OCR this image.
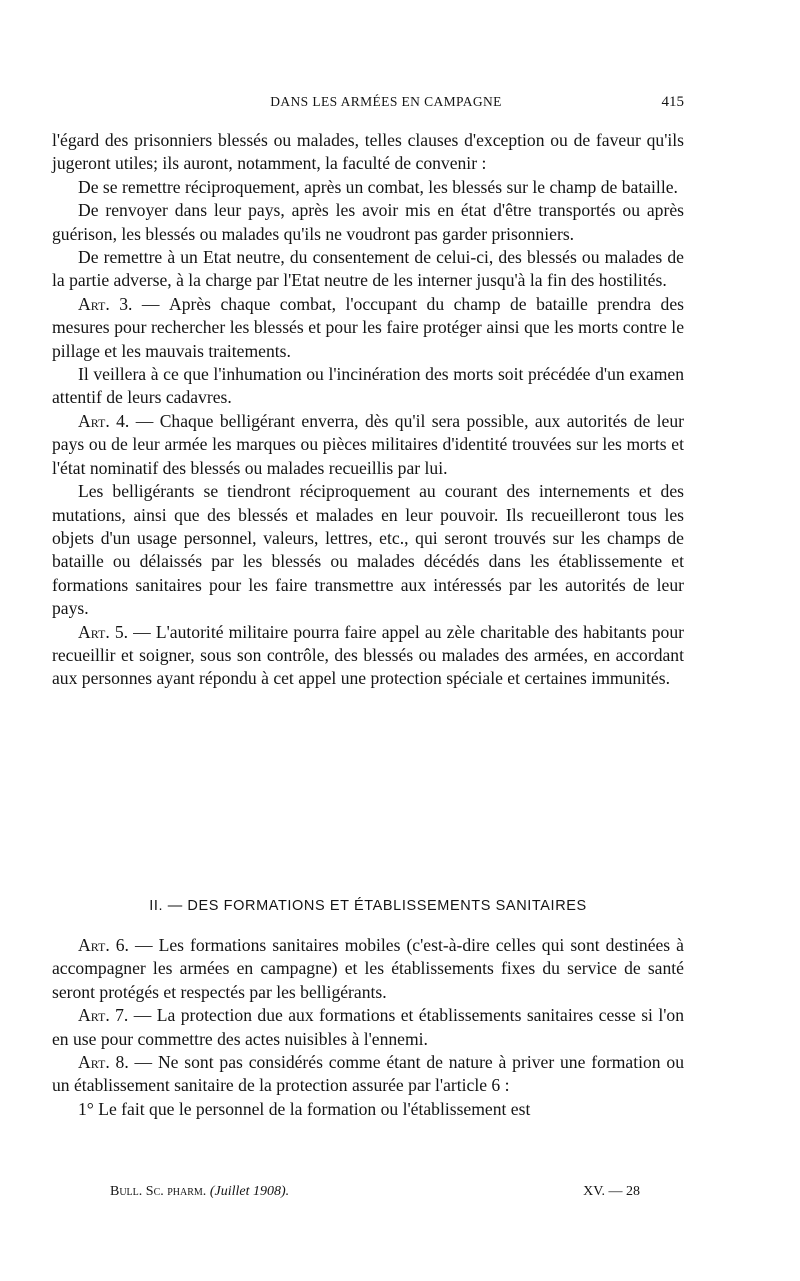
DANS LES ARMÉES EN CAMPAGNE	415

l'égard des prisonniers blessés ou malades, telles clauses d'exception ou de faveur qu'ils jugeront utiles; ils auront, notamment, la faculté de convenir :

De se remettre réciproquement, après un combat, les blessés sur le champ de bataille.

De renvoyer dans leur pays, après les avoir mis en état d'être transportés ou après guérison, les blessés ou malades qu'ils ne voudront pas garder prisonniers.

De remettre à un Etat neutre, du consentement de celui-ci, des blessés ou malades de la partie adverse, à la charge par l'Etat neutre de les interner jusqu'à la fin des hostilités.

Art. 3. — Après chaque combat, l'occupant du champ de bataille prendra des mesures pour rechercher les blessés et pour les faire protéger ainsi que les morts contre le pillage et les mauvais traitements.

Il veillera à ce que l'inhumation ou l'incinération des morts soit précédée d'un examen attentif de leurs cadavres.

Art. 4. — Chaque belligérant enverra, dès qu'il sera possible, aux autorités de leur pays ou de leur armée les marques ou pièces militaires d'identité trouvées sur les morts et l'état nominatif des blessés ou malades recueillis par lui.

Les belligérants se tiendront réciproquement au courant des internements et des mutations, ainsi que des blessés et malades en leur pouvoir. Ils recueilleront tous les objets d'un usage personnel, valeurs, lettres, etc., qui seront trouvés sur les champs de bataille ou délaissés par les blessés ou malades décédés dans les établissemente et formations sanitaires pour les faire transmettre aux intéressés par les autorités de leur pays.

Art. 5. — L'autorité militaire pourra faire appel au zèle charitable des habitants pour recueillir et soigner, sous son contrôle, des blessés ou malades des armées, en accordant aux personnes ayant répondu à cet appel une protection spéciale et certaines immunités.

II. — DES FORMATIONS ET ÉTABLISSEMENTS SANITAIRES

Art. 6. — Les formations sanitaires mobiles (c'est-à-dire celles qui sont destinées à accompagner les armées en campagne) et les établissements fixes du service de santé seront protégés et respectés par les belligérants.

Art. 7. — La protection due aux formations et établissements sanitaires cesse si l'on en use pour commettre des actes nuisibles à l'ennemi.

Art. 8. — Ne sont pas considérés comme étant de nature à priver une formation ou un établissement sanitaire de la protection assurée par l'article 6 :

1° Le fait que le personnel de la formation ou l'établissement est

Bull. Sc. pharm. (Juillet 1908).	XV. — 28
